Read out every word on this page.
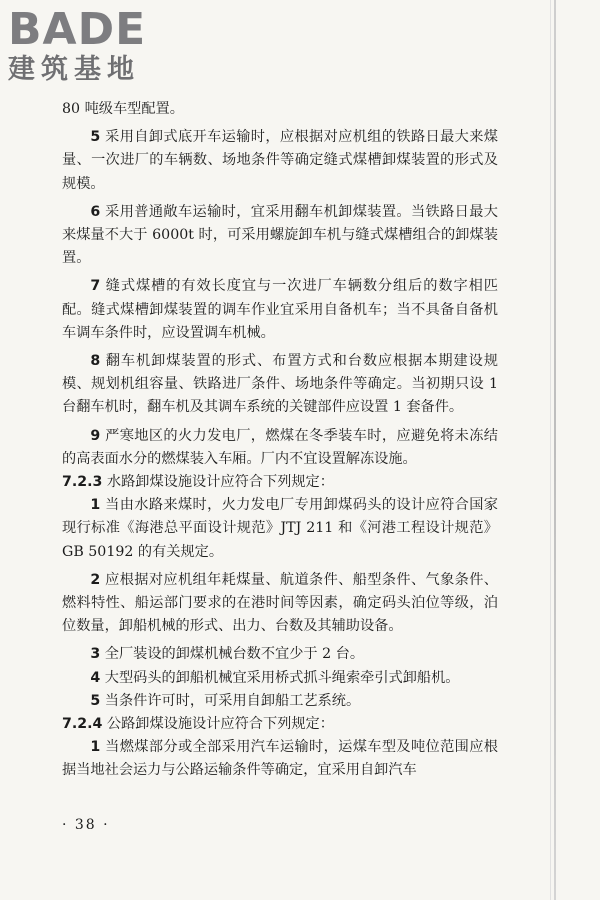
BADE
建筑基地

80 吨级车型配置。

5 采用自卸式底开车运输时，应根据对应机组的铁路日最大来煤量、一次进厂的车辆数、场地条件等确定缝式煤槽卸煤装置的形式及规模。

6 采用普通敞车运输时，宜采用翻车机卸煤装置。当铁路日最大来煤量不大于 6000t 时，可采用螺旋卸车机与缝式煤槽组合的卸煤装置。

7 缝式煤槽的有效长度宜与一次进厂车辆数分组后的数字相匹配。缝式煤槽卸煤装置的调车作业宜采用自备机车；当不具备自备机车调车条件时，应设置调车机械。

8 翻车机卸煤装置的形式、布置方式和台数应根据本期建设规模、规划机组容量、铁路进厂条件、场地条件等确定。当初期只设 1 台翻车机时，翻车机及其调车系统的关键部件应设置 1 套备件。

9 严寒地区的火力发电厂，燃煤在冬季装车时，应避免将未冻结的高表面水分的燃煤装入车厢。厂内不宜设置解冻设施。

7.2.3 水路卸煤设施设计应符合下列规定：

1 当由水路来煤时，火力发电厂专用卸煤码头的设计应符合国家现行标准《海港总平面设计规范》JTJ 211 和《河港工程设计规范》GB 50192 的有关规定。

2 应根据对应机组年耗煤量、航道条件、船型条件、气象条件、燃料特性、船运部门要求的在港时间等因素，确定码头泊位等级，泊位数量，卸船机械的形式、出力、台数及其辅助设备。

3 全厂装设的卸煤机械台数不宜少于 2 台。

4 大型码头的卸船机械宜采用桥式抓斗绳索牵引式卸船机。

5 当条件许可时，可采用自卸船工艺系统。

7.2.4 公路卸煤设施设计应符合下列规定：

1 当燃煤部分或全部采用汽车运输时，运煤车型及吨位范围应根据当地社会运力与公路运输条件等确定，宜采用自卸汽车

· 38 ·
